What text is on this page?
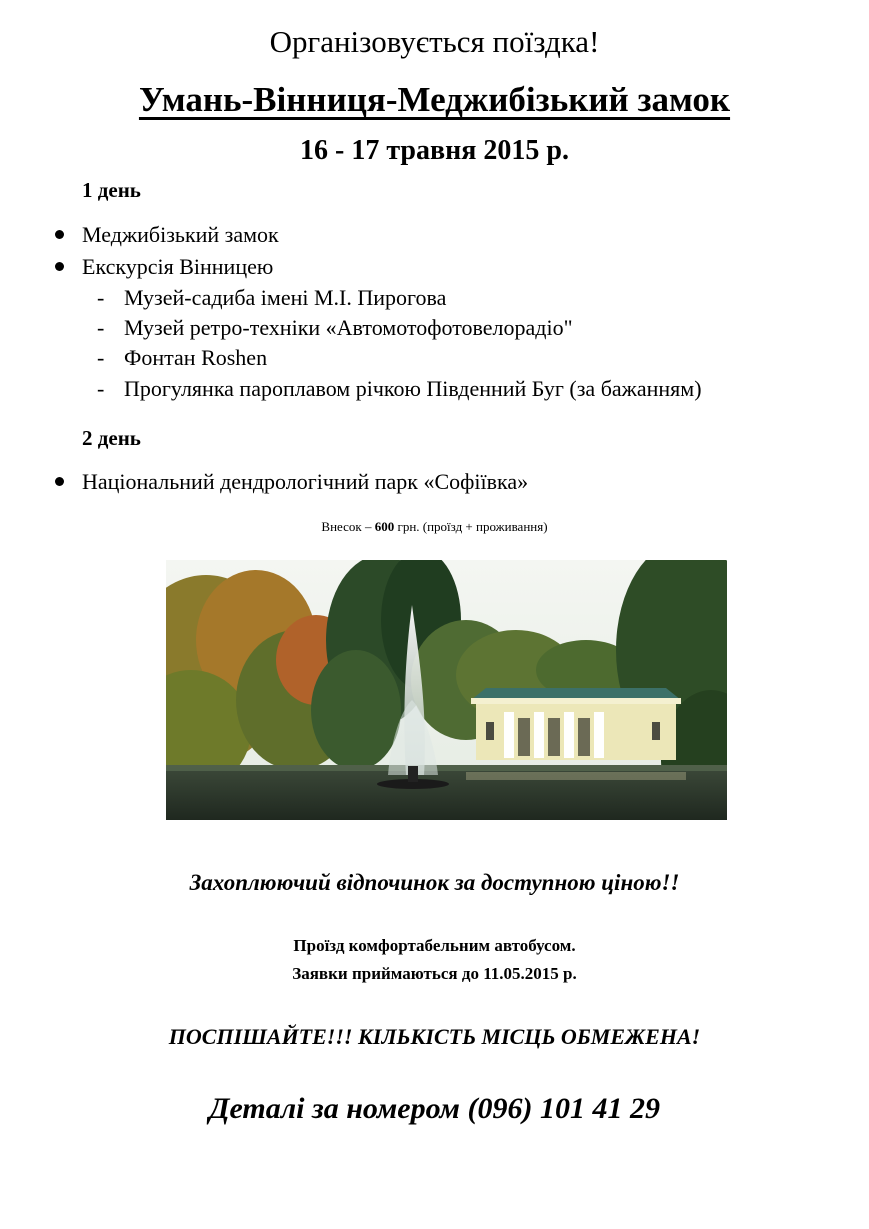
Організовується поїздка!
Умань-Вінниця-Меджибізький замок
16 - 17 травня 2015 р.
1 день
Меджибізький замок
Екскурсія Вінницею
- Музей-садиба імені М.І. Пирогова
- Музей ретро-техніки «Автомотофотовелорадіо"
- Фонтан Roshen
- Прогулянка пароплавом річкою Південний Буг (за бажанням)
2 день
Національний дендрологічний парк «Софіївка»
Внесок – 600 грн. (проїзд + проживання)
Захоплюючий відпочинок за доступною ціною!!
Проїзд комфортабельним автобусом.
Заявки приймаються до 11.05.2015 р.
ПОСПІШАЙТЕ!!! КІЛЬКІСТЬ МІСЦЬ ОБМЕЖЕНА!
Деталі за номером (096) 101 41 29
